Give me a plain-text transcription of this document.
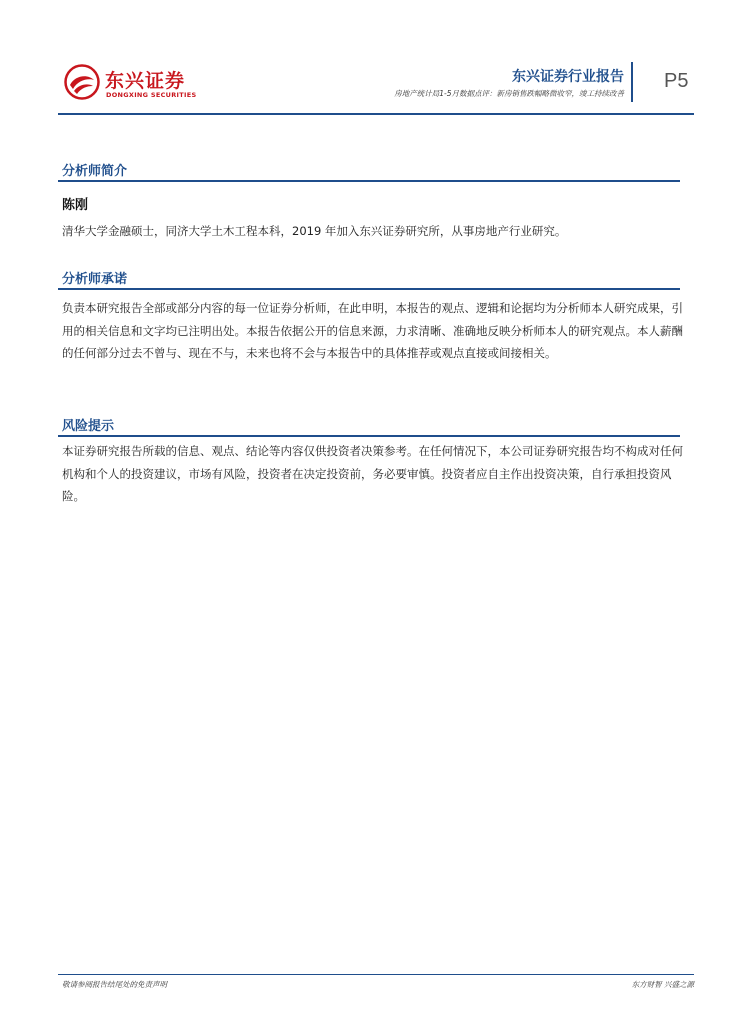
东兴证券
DONGXING SECURITIES
东兴证券行业报告
房地产统计局1-5月数据点评：新房销售跌幅略微收窄，竣工持续改善
P5
分析师简介
陈刚

清华大学金融硕士，同济大学土木工程本科，2019 年加入东兴证券研究所，从事房地产行业研究。

分析师承诺

负责本研究报告全部或部分内容的每一位证券分析师，在此申明，本报告的观点、逻辑和论据均为分析师本人研究成果，引用的相关信息和文字均已注明出处。本报告依据公开的信息来源，力求清晰、准确地反映分析师本人的研究观点。本人薪酬的任何部分过去不曾与、现在不与，未来也将不会与本报告中的具体推荐或观点直接或间接相关。

风险提示

本证券研究报告所载的信息、观点、结论等内容仅供投资者决策参考。在任何情况下，本公司证券研究报告均不构成对任何机构和个人的投资建议，市场有风险，投资者在决定投资前，务必要审慎。投资者应自主作出投资决策，自行承担投资风险。

敬请参阅报告结尾处的免责声明	东方财智 兴盛之源
